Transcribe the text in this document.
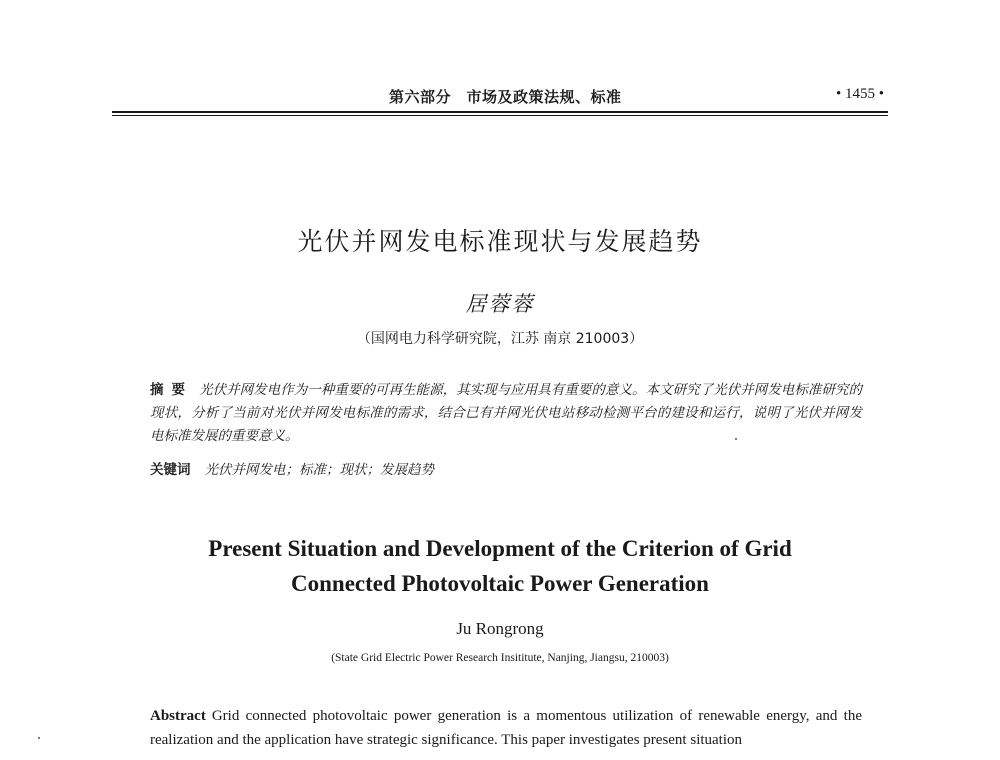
第六部分　市场及政策法规、标准	• 1455 •
光伏并网发电标准现状与发展趋势
居蓉蓉
（国网电力科学研究院，江苏 南京 210003）
摘要 光伏并网发电作为一种重要的可再生能源，其实现与应用具有重要的意义。本文研究了光伏并网发电标准研究的现状，分析了当前对光伏并网发电标准的需求，结合已有并网光伏电站移动检测平台的建设和运行，说明了光伏并网发电标准发展的重要意义。
关键词 光伏并网发电；标准；现状；发展趋势
Present Situation and Development of the Criterion of Grid
Connected Photovoltaic Power Generation
Ju Rongrong
(State Grid Electric Power Research Insititute, Nanjing, Jiangsu, 210003)
Abstract Grid connected photovoltaic power generation is a momentous utilization of renewable energy, and the realization and the application have strategic significance. This paper investigates present situation
